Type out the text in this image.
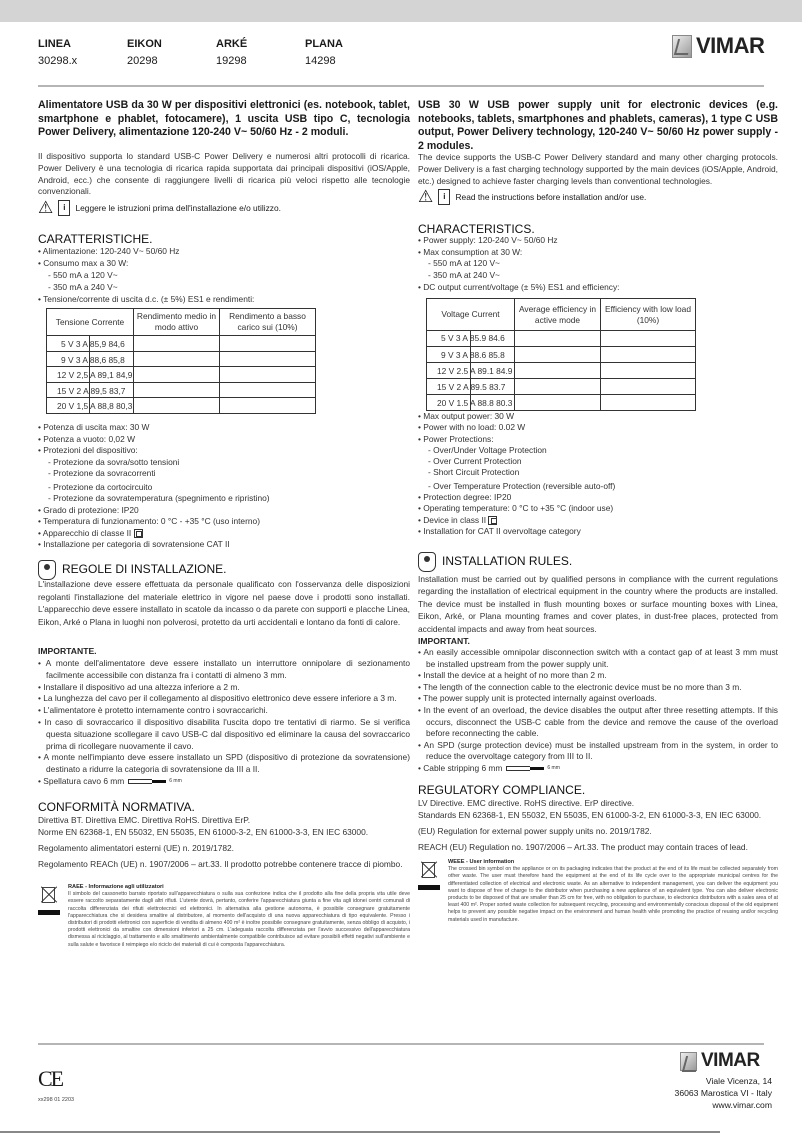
LINEA
30298.x
EIKON
20298
ARKÉ
19298
PLANA
14298
VIMAR
Alimentatore USB da 30 W per dispositivi elettronici (es. notebook, tablet, smartphone e phablet, fotocamere), 1 uscita USB tipo C, tecnologia Power Delivery, alimentazione 120-240 V~ 50/60 Hz - 2 moduli.
Il dispositivo supporta lo standard USB-C Power Delivery e numerosi altri protocolli di ricarica. Power Delivery è una tecnologia di ricarica rapida supportata dai principali dispositivi (iOS/Apple, Android, ecc.) che consente di raggiungere livelli di ricarica più veloci rispetto alle tecnologie convenzionali.
⚠	i	Leggere le istruzioni prima dell'installazione e/o utilizzo.
CARATTERISTICHE.
• Alimentazione: 120-240 V~ 50/60 Hz
• Consumo max a 30 W:
- 550 mA a 120 V~
- 350 mA a 240 V~
• Tensione/corrente di uscita d.c. (± 5%) ES1 e rendimenti:
Tensione Corrente		Rendimento medio in modo attivo	Rendimento a basso carico sui (10%)

5 V 3 A 85,9 84,6			

9 V 3 A 88,6 85,8			

12 V 2,5 A 89,1 84,9			

15 V 2 A 89,5 83,7			

20 V 1,5 A 88,8 80,3			

• Potenza di uscita max: 30 W
• Potenza a vuoto: 0,02 W
• Protezioni del dispositivo:
- Protezione da sovra/sotto tensioni
- Protezione da sovracorrenti
- Protezione da cortocircuito
- Protezione da sovratemperatura (spegnimento e ripristino)
• Grado di protezione: IP20
• Temperatura di funzionamento: 0 °C - +35 °C (uso interno)
• Apparecchio di classe II
• Installazione per categoria di sovratensione CAT II
REGOLE DI INSTALLAZIONE.
L'installazione deve essere effettuata da personale qualificato con l'osservanza delle disposizioni regolanti l'installazione del materiale elettrico in vigore nel paese dove i prodotti sono installati. L'apparecchio deve essere installato in scatole da incasso o da parete con supporti e placche Linea, Eikon, Arké o Plana in luoghi non polverosi, protetto da urti accidentali e lontano da fonti di calore.
IMPORTANTE.
• A monte dell'alimentatore deve essere installato un interruttore onnipolare di sezionamento facilmente accessibile con distanza fra i contatti di almeno 3 mm.
• Installare il dispositivo ad una altezza inferiore a 2 m.
• La lunghezza del cavo per il collegamento al dispositivo elettronico deve essere inferiore a 3 m.
• L'alimentatore è protetto internamente contro i sovraccarichi.
• In caso di sovraccarico il dispositivo disabilita l'uscita dopo tre tentativi di riarmo. Se si verifica questa situazione scollegare il cavo USB-C dal dispositivo ed eliminare la causa del sovraccarico prima di ricollegare nuovamente il cavo.
• A monte nell'impianto deve essere installato un SPD (dispositivo di protezione da sovratensione) destinato a ridurre la categoria di sovratensione da III a II.
• Spellatura cavo 6 mm	6 mm
CONFORMITÀ NORMATIVA.
Direttiva BT. Direttiva EMC. Direttiva RoHS. Direttiva ErP.
Norme EN 62368-1, EN 55032, EN 55035, EN 61000-3-2, EN 61000-3-3, EN IEC 63000.
Regolamento alimentatori esterni (UE) n. 2019/1782.
Regolamento REACh (UE) n. 1907/2006 – art.33. Il prodotto potrebbe contenere tracce di piombo.
RAEE - Informazione agli utilizzatori
Il simbolo del cassonetto barrato riportato sull'apparecchiatura o sulla sua confezione indica che il prodotto alla fine della propria vita utile deve essere raccolto separatamente dagli altri rifiuti. L'utente dovrà, pertanto, conferire l'apparecchiatura giunta a fine vita agli idonei centri comunali di raccolta differenziata dei rifiuti elettrotecnici ed elettronici. In alternativa alla gestione autonoma, è possibile consegnare gratuitamente l'apparecchiatura che si desidera smaltire al distributore, al momento dell'acquisto di una nuova apparecchiatura di tipo equivalente. Presso i distributori di prodotti elettronici con superficie di vendita di almeno 400 m² è inoltre possibile consegnare gratuitamente, senza obbligo di acquisto, i prodotti elettronici da smaltire con dimensioni inferiori a 25 cm. L'adeguata raccolta differenziata per l'avvio successivo dell'apparecchiatura dismessa al riciclaggio, al trattamento e allo smaltimento ambientalmente compatibile contribuisce ad evitare possibili effetti negativi sull'ambiente e sulla salute e favorisce il reimpiego e/o riciclo dei materiali di cui è composta l'apparecchiatura.
USB 30 W USB power supply unit for electronic devices (e.g. notebooks, tablets, smartphones and phablets, cameras), 1 type C USB output, Power Delivery technology, 120-240 V~ 50/60 Hz power supply - 2 modules.
The device supports the USB-C Power Delivery standard and many other charging protocols. Power Delivery is a fast charging technology supported by the main devices (iOS/Apple, Android, etc.) designed to achieve faster charging levels than conventional technologies.
⚠	i	Read the instructions before installation and/or use.
CHARACTERISTICS.
• Power supply: 120-240 V~ 50/60 Hz
• Max consumption at 30 W:
- 550 mA at 120 V~
- 350 mA at 240 V~
• DC output current/voltage (± 5%) ES1 and efficiency:
Voltage Current		Average efficiency in active mode	Efficiency with low load (10%)

5 V 3 A 85.9 84.6			

9 V 3 A 88.6 85.8			

12 V 2.5 A 89.1 84.9			

15 V 2 A 89.5 83.7			

20 V 1.5 A 88.8 80.3			

• Max output power: 30 W
• Power with no load: 0.02 W
• Power Protections:
- Over/Under Voltage Protection
- Over Current Protection
- Short Circuit Protection
- Over Temperature Protection (reversible auto-off)
• Protection degree: IP20
• Operating temperature: 0 °C to +35 °C (indoor use)
• Device in class II
• Installation for CAT II overvoltage category
INSTALLATION RULES.
Installation must be carried out by qualified persons in compliance with the current regulations regarding the installation of electrical equipment in the country where the products are installed. The device must be installed in flush mounting boxes or surface mounting boxes with Linea, Eikon, Arké, or Plana mounting frames and cover plates, in dust-free places, protected from accidental impacts and away from heat sources.
IMPORTANT.
• An easily accessible omnipolar disconnection switch with a contact gap of at least 3 mm must be installed upstream from the power supply unit.
• Install the device at a height of no more than 2 m.
• The length of the connection cable to the electronic device must be no more than 3 m.
• The power supply unit is protected internally against overloads.
• In the event of an overload, the device disables the output after three resetting attempts. If this occurs, disconnect the USB-C cable from the device and remove the cause of the overload before reconnecting the cable.
• An SPD (surge protection device) must be installed upstream from in the system, in order to reduce the overvoltage category from III to II.
• Cable stripping 6 mm	6 mm
REGULATORY COMPLIANCE.
LV Directive. EMC directive. RoHS directive. ErP directive.
Standards EN 62368-1, EN 55032, EN 55035, EN 61000-3-2, EN 61000-3-3, EN IEC 63000.
(EU) Regulation for external power supply units no. 2019/1782.
REACH (EU) Regulation no. 1907/2006 – Art.33. The product may contain traces of lead.
WEEE - User information
The crossed bin symbol on the appliance or on its packaging indicates that the product at the end of its life must be collected separately from other waste. The user must therefore hand the equipment at the end of its life cycle over to the appropriate municipal centres for the differentiated collection of electrical and electronic waste. As an alternative to independent management, you can deliver the equipment you want to dispose of free of charge to the distributor when purchasing a new appliance of an equivalent type. You can also deliver electronic products to be disposed of that are smaller than 25 cm for free, with no obligation to purchase, to electronics distributors with a sales area of at least 400 m². Proper sorted waste collection for subsequent recycling, processing and environmentally conscious disposal of the old equipment helps to prevent any possible negative impact on the environment and human health while promoting the practice of reusing and/or recycling materials used in manufacture.
CE
xx298 01 2203
VIMAR
Viale Vicenza, 14
36063 Marostica VI - Italy
www.vimar.com
